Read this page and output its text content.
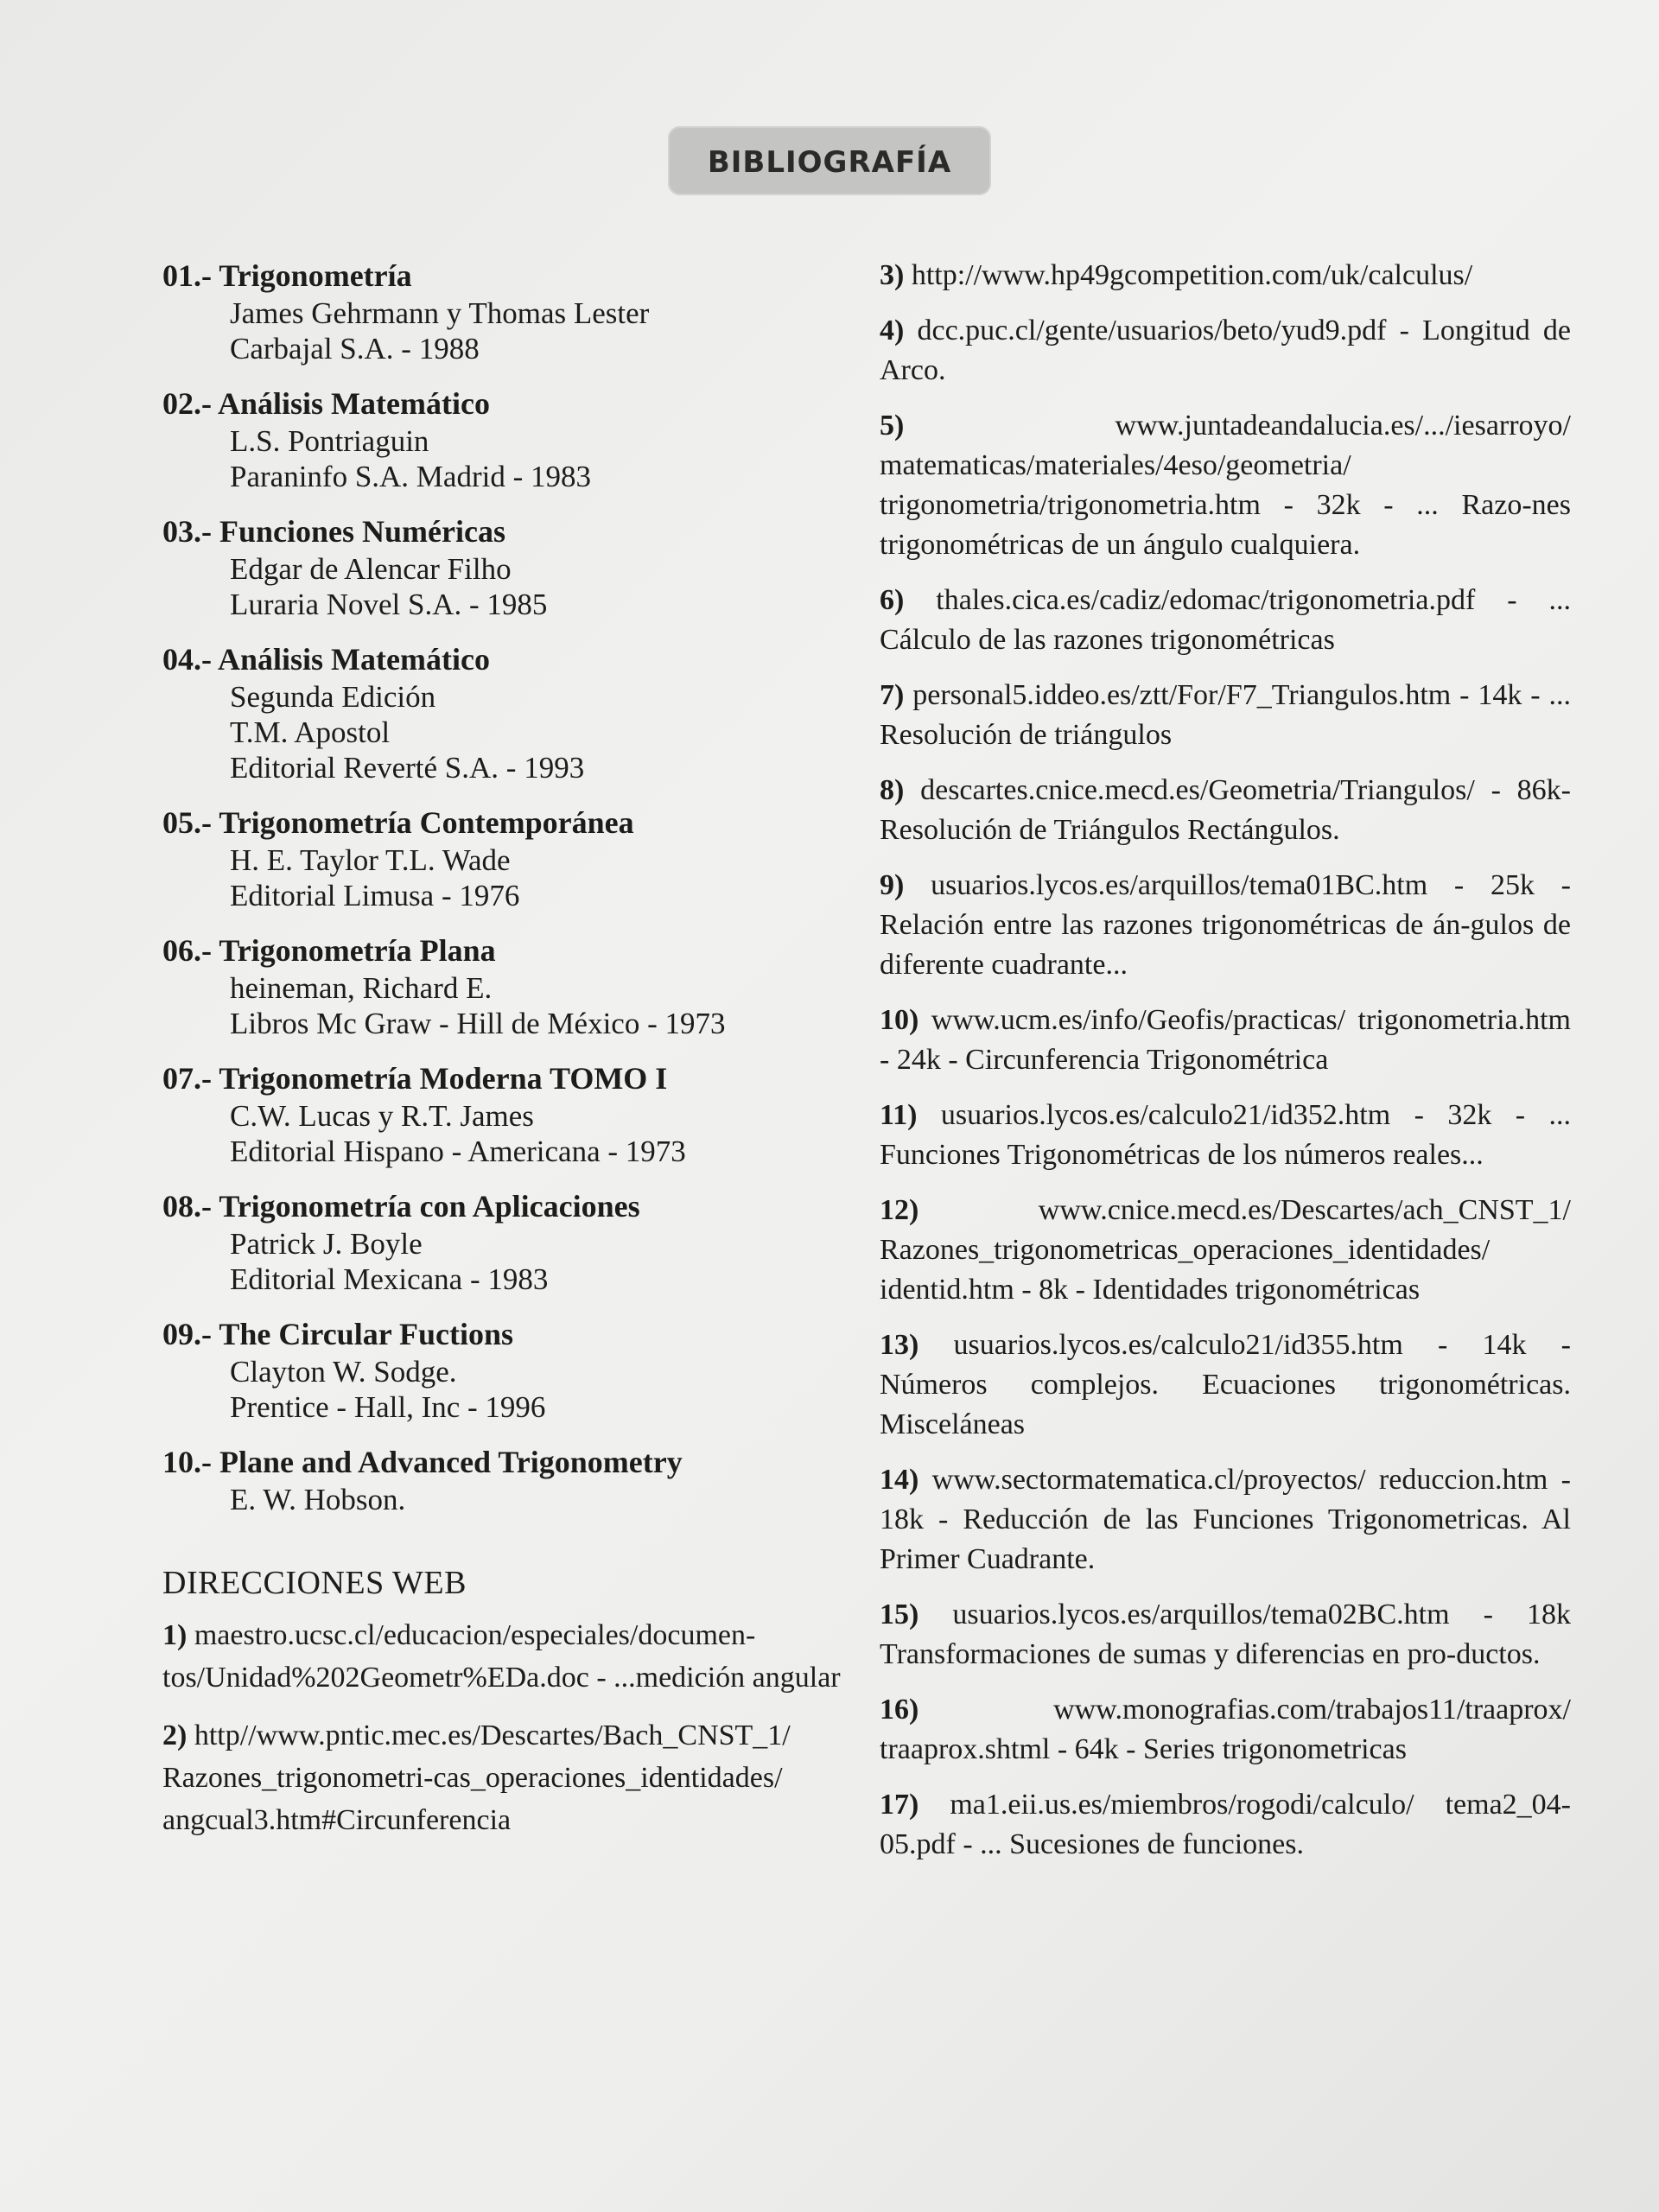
BIBLIOGRAFÍA
01.- Trigonometría
James Gehrmann y Thomas Lester
Carbajal S.A. - 1988
02.- Análisis Matemático
L.S. Pontriaguin
Paraninfo S.A. Madrid - 1983
03.- Funciones Numéricas
Edgar de Alencar Filho
Luraria Novel S.A. - 1985
04.- Análisis Matemático
Segunda Edición
T.M. Apostol
Editorial Reverté S.A. - 1993
05.- Trigonometría Contemporánea
H. E. Taylor T.L. Wade
Editorial Limusa - 1976
06.- Trigonometría Plana
heineman, Richard E.
Libros Mc Graw - Hill de México - 1973
07.- Trigonometría Moderna TOMO I
C.W. Lucas y R.T. James
Editorial Hispano - Americana - 1973
08.- Trigonometría con Aplicaciones
Patrick J. Boyle
Editorial Mexicana - 1983
09.- The Circular Fuctions
Clayton W. Sodge.
Prentice - Hall, Inc - 1996
10.- Plane and Advanced Trigonometry
E. W. Hobson.
DIRECCIONES WEB
1) maestro.ucsc.cl/educacion/especiales/documen-tos/Unidad%202Geometr%EDa.doc - ...medición angular
2) http//www.pntic.mec.es/Descartes/Bach_CNST_1/ Razones_trigonometri-cas_operaciones_identidades/ angcual3.htm#Circunferencia
3) http://www.hp49gcompetition.com/uk/calculus/
4) dcc.puc.cl/gente/usuarios/beto/yud9.pdf - Longitud de Arco.
5)	www.juntadeandalucia.es/.../iesarroyo/ matematicas/materiales/4eso/geometria/ trigonometria/trigonometria.htm - 32k - ... Razo-nes trigonométricas de un ángulo cualquiera.
6) thales.cica.es/cadiz/edomac/trigonometria.pdf - ... Cálculo de las razones trigonométricas
7) personal5.iddeo.es/ztt/For/F7_Triangulos.htm - 14k - ... Resolución de triángulos
8) descartes.cnice.mecd.es/Geometria/Triangulos/ - 86k- Resolución de Triángulos Rectángulos.
9) usuarios.lycos.es/arquillos/tema01BC.htm - 25k - Relación entre las razones trigonométricas de án-gulos de diferente cuadrante...
10) www.ucm.es/info/Geofis/practicas/ trigonometria.htm - 24k - Circunferencia Trigonométrica
11) usuarios.lycos.es/calculo21/id352.htm - 32k - ... Funciones Trigonométricas de los números reales...
12)	www.cnice.mecd.es/Descartes/ach_CNST_1/ Razones_trigonometricas_operaciones_identidades/ identid.htm - 8k - Identidades trigonométricas
13) usuarios.lycos.es/calculo21/id355.htm - 14k - Números complejos. Ecuaciones trigonométricas. Misceláneas
14) www.sectormatematica.cl/proyectos/ reduccion.htm - 18k - Reducción de las Funciones Trigonometricas. Al Primer Cuadrante.
15) usuarios.lycos.es/arquillos/tema02BC.htm - 18k Transformaciones de sumas y diferencias en pro-ductos.
16)	www.monografias.com/trabajos11/traaprox/ traaprox.shtml - 64k - Series trigonometricas
17) ma1.eii.us.es/miembros/rogodi/calculo/ tema2_04-05.pdf - ... Sucesiones de funciones.
